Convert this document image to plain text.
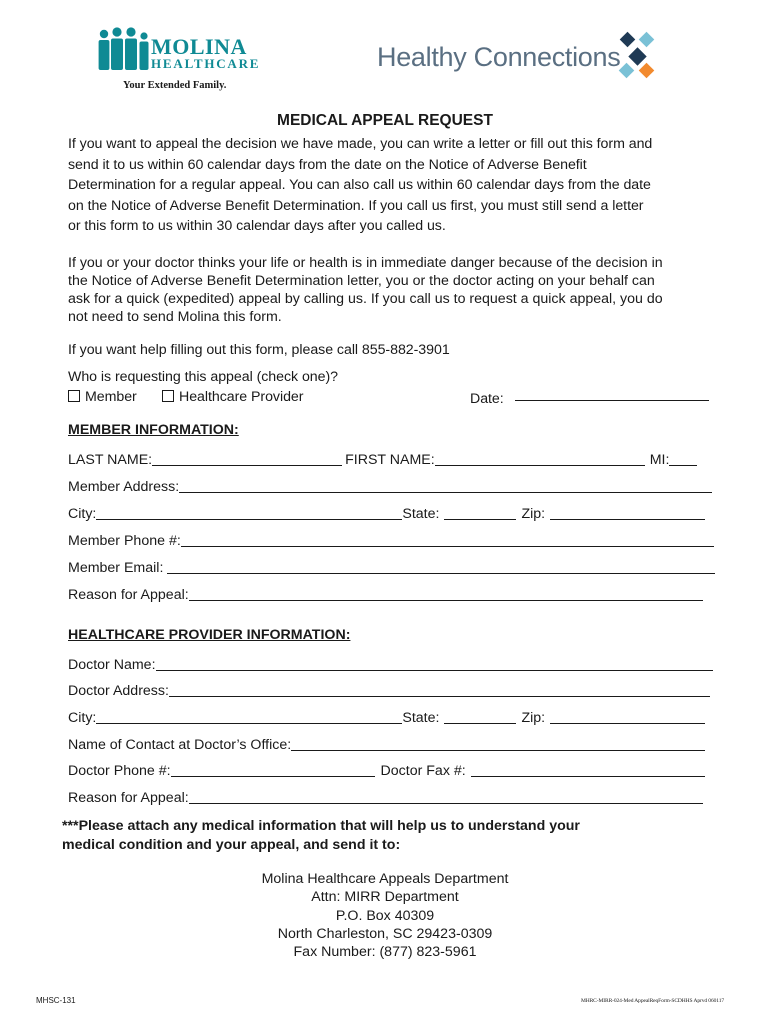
MOLINA
HEALTHCARE
Your Extended Family.
Healthy Connections
MEDICAL APPEAL REQUEST
If you want to appeal the decision we have made, you can write a letter or fill out this form and
send it to us within 60 calendar days from the date on the Notice of Adverse Benefit
Determination for a regular appeal. You can also call us within 60 calendar days from the date
on the Notice of Adverse Benefit Determination. If you call us first, you must still send a letter
or this form to us within 30 calendar days after you called us.
If you or your doctor thinks your life or health is in immediate danger because of the decision in
the Notice of Adverse Benefit Determination letter, you or the doctor acting on your behalf can
ask for a quick (expedited) appeal by calling us. If you call us to request a quick appeal, you do
not need to send Molina this form.
If you want help filling out this form, please call 855-882-3901
Who is requesting this appeal (check one)?
Member	Healthcare Provider	Date:
MEMBER INFORMATION:
LAST NAME:	FIRST NAME:	MI:
Member Address:
City:	State:	Zip:
Member Phone #:
Member Email:
Reason for Appeal:
HEALTHCARE PROVIDER INFORMATION:
Doctor Name:
Doctor Address:
City:	State:	Zip:
Name of Contact at Doctor’s Office:
Doctor Phone #:	Doctor Fax #:
Reason for Appeal:
***Please attach any medical information that will help us to understand your
medical condition and your appeal, and send it to:
Molina Healthcare Appeals Department
Attn: MIRR Department
P.O. Box 40309
North Charleston, SC 29423-0309
Fax Number: (877) 823-5961
MHSC-131	MHRC-MIRR-024-Med AppealReqForm-SCDHHS Aprvd 060117
